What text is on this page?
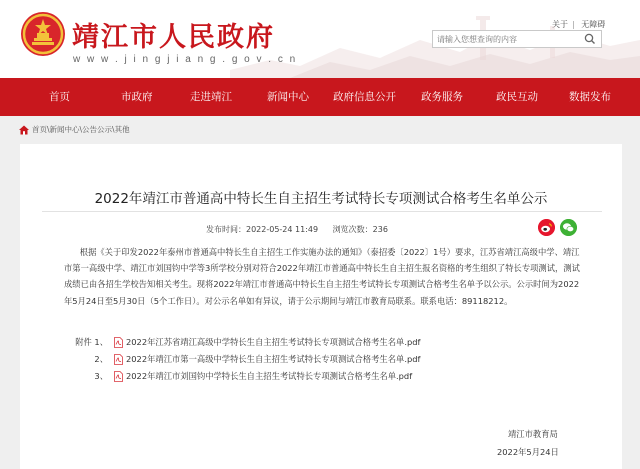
靖江市人民政府
w w w . j i n g j i a n g . g o v . c n
关于 | 无障碍
请输入您想查询的内容
首页	市政府	走进靖江	新闻中心 政府信息公开 政务服务	政民互动	数据发布
首页\新闻中心\公告公示\其他
2022年靖江市普通高中特长生自主招生考试特长专项测试合格考生名单公示
发布时间：2022-05-24 11:49 浏览次数：236
根据《关于印发2022年泰州市普通高中特长生自主招生工作实施办法的通知》（泰招委〔2022〕1号）要求，江苏省靖江高级中学、靖江市第一高级中学、靖江市刘国钧中学等3所学校分别对符合2022年靖江市普通高中特长生自主招生报名资格的考生组织了特长专项测试，测试成绩已由各招生学校告知相关考生。现将2022年靖江市普通高中特长生自主招生考试特长专项测试合格考生名单予以公示。公示时间为2022年5月24日至5月30日（5个工作日）。对公示名单如有异议，请于公示期间与靖江市教育局联系。联系电话：89118212。
附件 1、 2022年江苏省靖江高级中学特长生自主招生考试特长专项测试合格考生名单.pdf
2、 2022年靖江市第一高级中学特长生自主招生考试特长专项测试合格考生名单.pdf
3、 2022年靖江市刘国钧中学特长生自主招生考试特长专项测试合格考生名单.pdf
靖江市教育局
2022年5月24日
